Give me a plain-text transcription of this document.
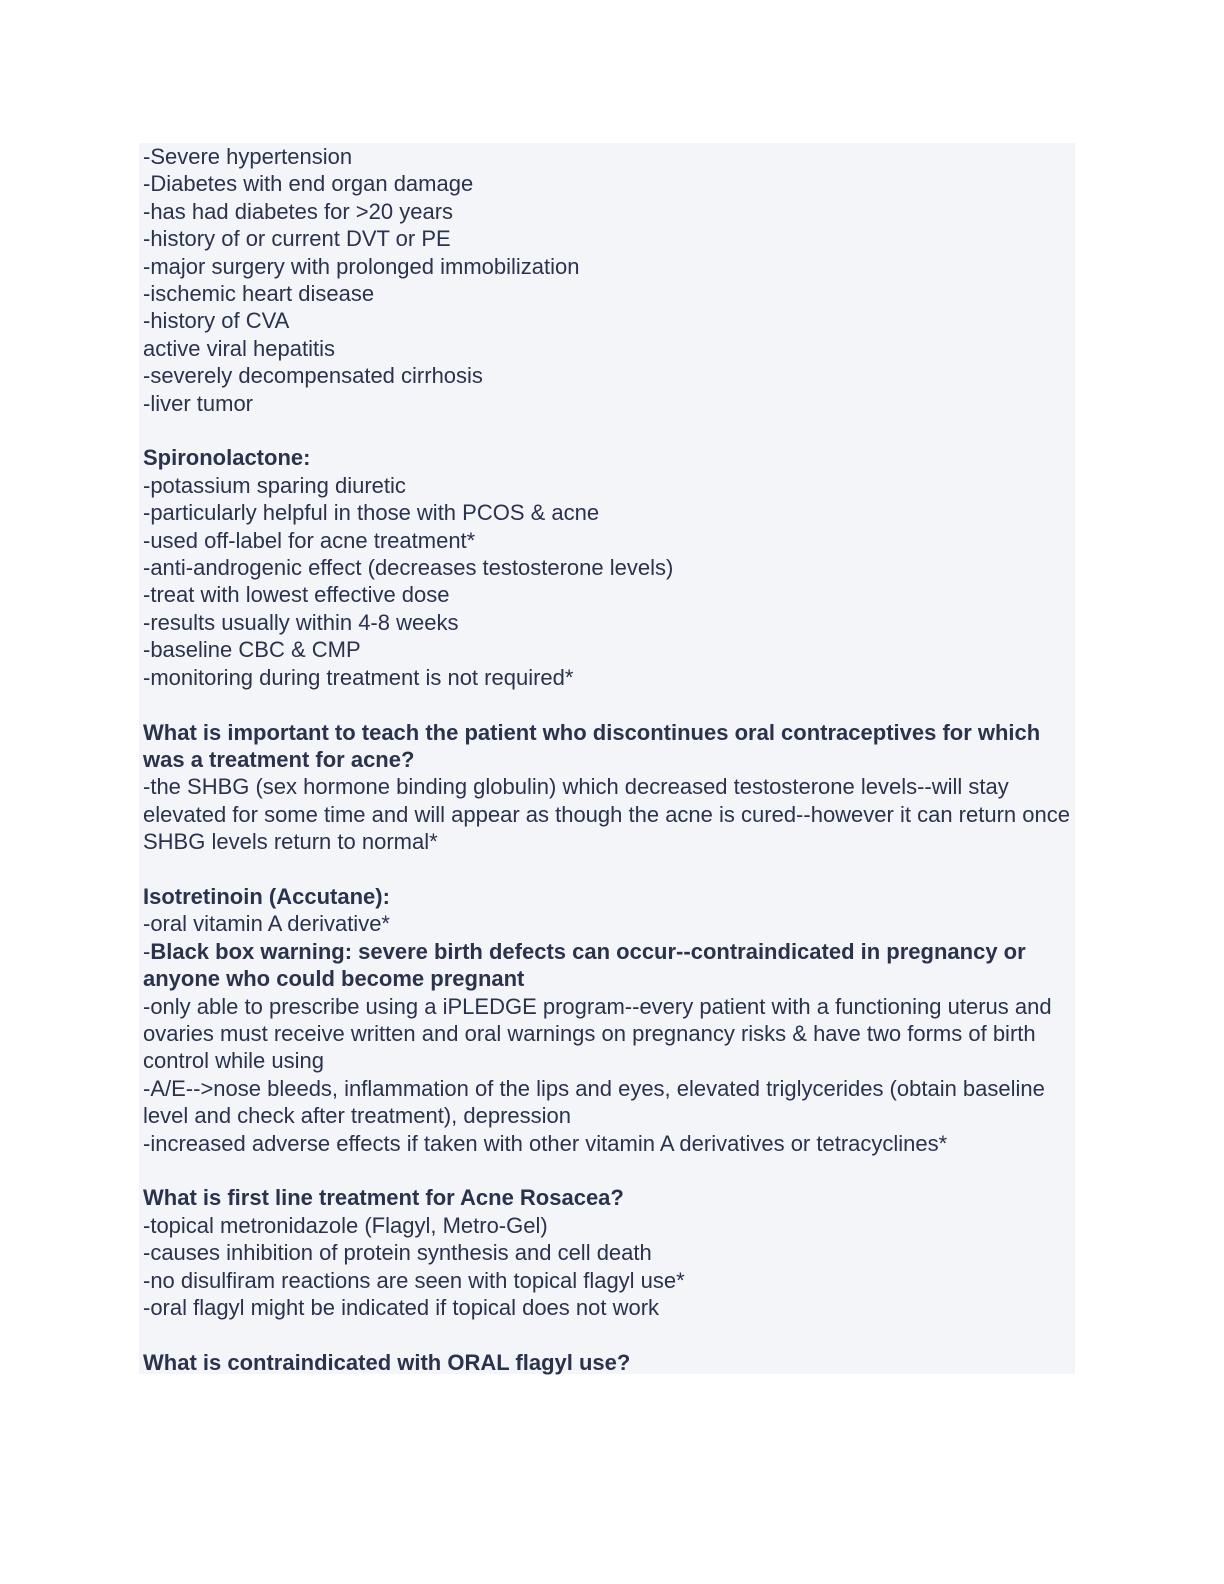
-Severe hypertension
-Diabetes with end organ damage
-has had diabetes for >20 years
-history of or current DVT or PE
-major surgery with prolonged immobilization
-ischemic heart disease
-history of CVA
active viral hepatitis
-severely decompensated cirrhosis
-liver tumor
Spironolactone:
-potassium sparing diuretic
-particularly helpful in those with PCOS & acne
-used off-label for acne treatment*
-anti-androgenic effect (decreases testosterone levels)
-treat with lowest effective dose
-results usually within 4-8 weeks
-baseline CBC & CMP
-monitoring during treatment is not required*
What is important to teach the patient who discontinues oral contraceptives for which was a treatment for acne?
-the SHBG (sex hormone binding globulin) which decreased testosterone levels--will stay elevated for some time and will appear as though the acne is cured--however it can return once SHBG levels return to normal*
Isotretinoin (Accutane):
-oral vitamin A derivative*
-Black box warning: severe birth defects can occur--contraindicated in pregnancy or anyone who could become pregnant
-only able to prescribe using a iPLEDGE program--every patient with a functioning uterus and ovaries must receive written and oral warnings on pregnancy risks & have two forms of birth control while using
-A/E-->nose bleeds, inflammation of the lips and eyes, elevated triglycerides (obtain baseline level and check after treatment), depression
-increased adverse effects if taken with other vitamin A derivatives or tetracyclines*
What is first line treatment for Acne Rosacea?
-topical metronidazole (Flagyl, Metro-Gel)
-causes inhibition of protein synthesis and cell death
-no disulfiram reactions are seen with topical flagyl use*
-oral flagyl might be indicated if topical does not work
What is contraindicated with ORAL flagyl use?
